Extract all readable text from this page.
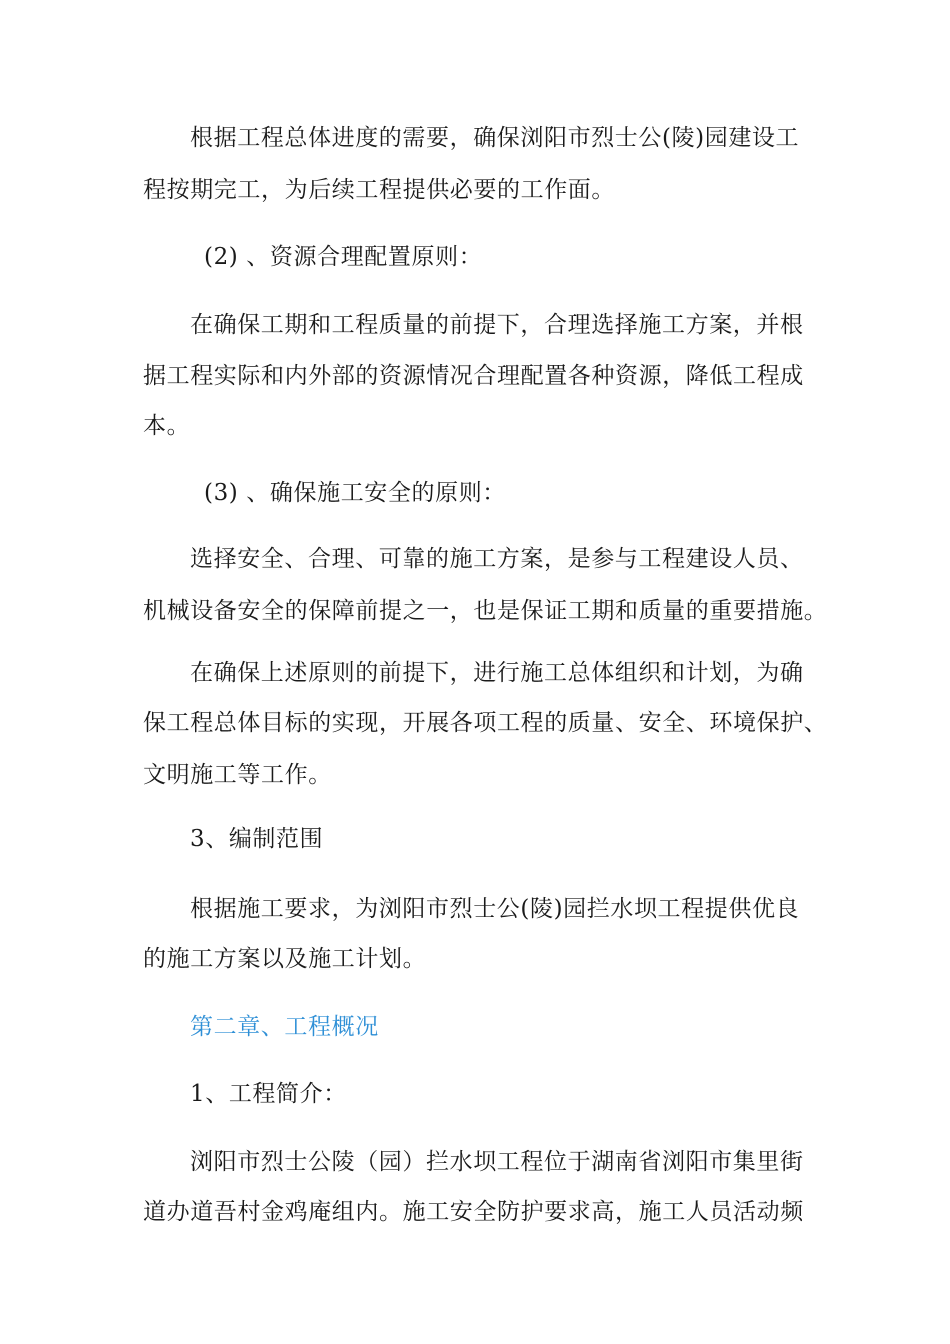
根据工程总体进度的需要，确保浏阳市烈士公(陵)园建设工
程按期完工，为后续工程提供必要的工作面。
(2) 、资源合理配置原则：
在确保工期和工程质量的前提下，合理选择施工方案，并根
据工程实际和内外部的资源情况合理配置各种资源，降低工程成
本。
(3) 、确保施工安全的原则：
选择安全、合理、可靠的施工方案，是参与工程建设人员、
机械设备安全的保障前提之一，也是保证工期和质量的重要措施。
在确保上述原则的前提下，进行施工总体组织和计划，为确
保工程总体目标的实现，开展各项工程的质量、安全、环境保护、
文明施工等工作。
3、编制范围
根据施工要求，为浏阳市烈士公(陵)园拦水坝工程提供优良
的施工方案以及施工计划。
第二章、工程概况
1、工程简介：
浏阳市烈士公陵（园）拦水坝工程位于湖南省浏阳市集里街
道办道吾村金鸡庵组内。施工安全防护要求高，施工人员活动频
